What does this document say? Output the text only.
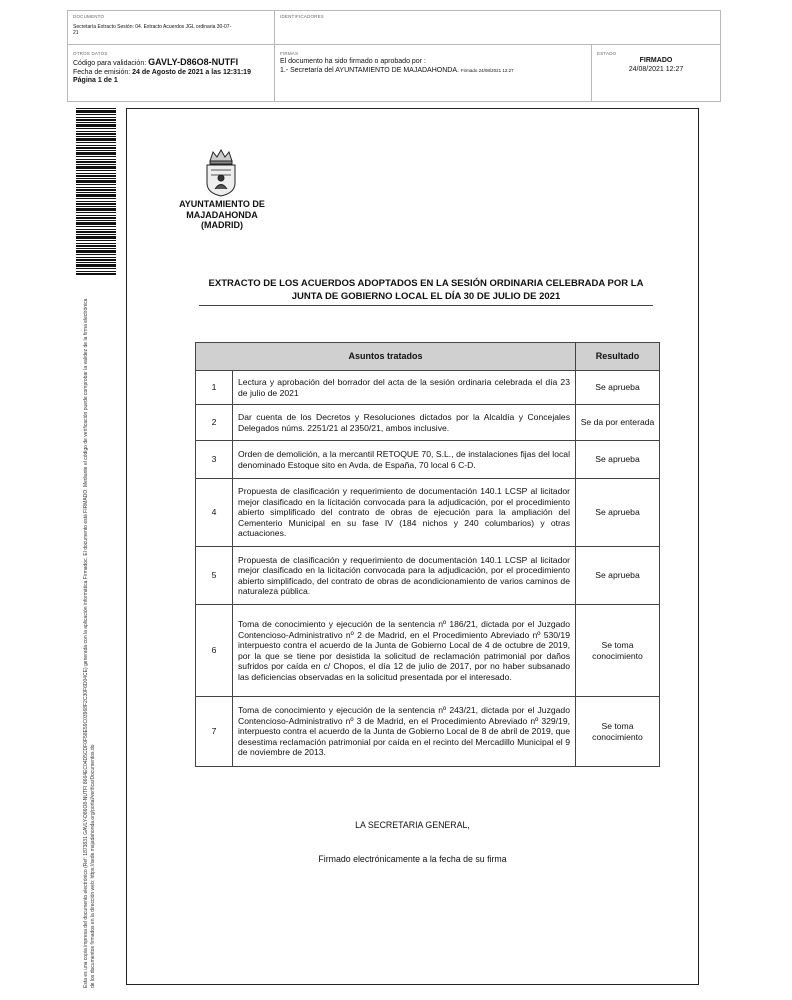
DOCUMENTO
Secretaría Extracto Sesión: 04. Extracto Acuerdos JGL ordinaria 30-07-21
IDENTIFICADORES
OTROS DATOS
Código para validación: GAVLY-D86O8-NUTFI
Fecha de emisión: 24 de Agosto de 2021 a las 12:31:19
Página 1 de 1
FIRMAS
El documento ha sido firmado o aprobado por :
1.- Secretaría del AYUNTAMIENTO DE MAJADAHONDA. Firmado 24/08/2021 12:27
ESTADO
FIRMADO
24/08/2021 12:27
Esta es una copia impresa del documento electrónico (Ref: 1873831 GAVLY-D86O8-NUTFI 8664EC04D5CDF0F58E59C03968F2C30F6D04CE) generada con la aplicación informática Firmadoc. El documento está FIRMADO. Mediante el código de verificación puede comprobar la validez de la firma electrónica de los documentos firmados en la dirección web: https://sede.majadahonda.org/portal/verificarDocumentos.do
AYUNTAMIENTO DE
MAJADAHONDA
(MADRID)
EXTRACTO DE LOS ACUERDOS ADOPTADOS EN LA SESIÓN ORDINARIA CELEBRADA POR LA
JUNTA DE GOBIERNO LOCAL EL DÍA 30 DE JULIO DE 2021
Asuntos tratados		Resultado
1	Lectura y aprobación del borrador del acta de la sesión ordinaria celebrada el día 23 de julio de 2021	Se aprueba
2	Dar cuenta de los Decretos y Resoluciones dictados por la Alcaldía y Concejales Delegados núms. 2251/21 al 2350/21, ambos inclusive.	Se da por enterada
3	Orden de demolición, a la mercantil RETOQUE 70, S.L., de instalaciones fijas del local denominado Estoque sito en Avda. de España, 70 local 6 C-D.	Se aprueba
4	Propuesta de clasificación y requerimiento de documentación 140.1 LCSP al licitador mejor clasificado en la licitación convocada para la adjudicación, por el procedimiento abierto simplificado del contrato de obras de ejecución para la ampliación del Cementerio Municipal en su fase IV (184 nichos y 240 columbarios) y otras actuaciones.	Se aprueba
5	Propuesta de clasificación y requerimiento de documentación 140.1 LCSP al licitador mejor clasificado en la licitación convocada para la adjudicación, por el procedimiento abierto simplificado, del contrato de obras de acondicionamiento de varios caminos de naturaleza pública.	Se aprueba
6	Toma de conocimiento y ejecución de la sentencia nº 186/21, dictada por el Juzgado Contencioso-Administrativo nº 2 de Madrid, en el Procedimiento Abreviado nº 530/19 interpuesto contra el acuerdo de la Junta de Gobierno Local de 4 de octubre de 2019, por la que se tiene por desistida la solicitud de reclamación patrimonial por daños sufridos por caída en c/ Chopos, el día 12 de julio de 2017, por no haber subsanado las deficiencias observadas en la solicitud presentada por el interesado.	Se toma conocimiento
7	Toma de conocimiento y ejecución de la sentencia nº 243/21, dictada por el Juzgado Contencioso-Administrativo nº 3 de Madrid, en el Procedimiento Abreviado nº 329/19, interpuesto contra el acuerdo de la Junta de Gobierno Local de 8 de abril de 2019, que desestima reclamación patrimonial por caída en el recinto del Mercadillo Municipal el 9 de noviembre de 2013.	Se toma conocimiento
LA SECRETARIA GENERAL,
Firmado electrónicamente a la fecha de su firma
